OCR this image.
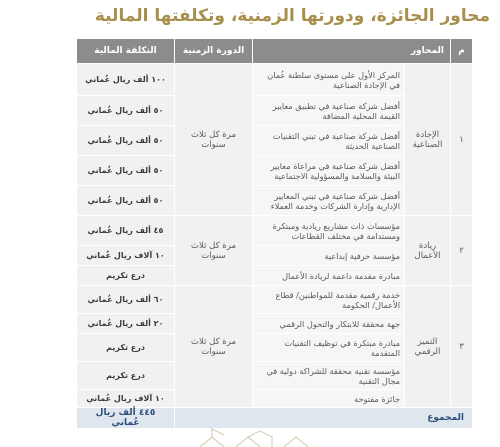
محاور الجائزة، ودورتها الزمنية، وتكلفتها المالية
م	المحاور		الدورة الزمنية	التكلفة المالية
١	الإجادة الصناعية	المركز الأول على مستوى سلطنة عُمان في الإجادة الصناعية	مرة كل ثلاث سنوات	١٠٠ ألف ريال عُماني
		أفضل شركة صناعية في تطبيق معايير القيمة المحلية المضافة		٥٠ ألف ريال عُماني
		أفضل شركة صناعية في تبني التقنيات الصناعية الحديثة		٥٠ ألف ريال عُماني
		أفضل شركة صناعية في مراعاة معايير البيئة والسلامة والمسؤولية الاجتماعية		٥٠ ألف ريال عُماني
		أفضل شركة صناعية في تبني المعايير الإدارية وإدارة الشركات وخدمة العملاء		٥٠ ألف ريال عُماني
٢	ريادة الأعمال	مؤسسات ذات مشاريع ريادية ومبتكرة ومستدامة في مختلف القطاعات	مرة كل ثلاث سنوات	٤٥ ألف ريال عُماني
		مؤسسة حرفية إبداعية		١٠ آلاف ريال عُماني
		مبادرة مقدمة داعمة لريادة الأعمال		درع تكريم
٣	التميز الرقمي	خدمة رقمية مقدمة للمواطنين/ قطاع الأعمال/ الحكومة	مرة كل ثلاث سنوات	٦٠ ألف ريال عُماني
		جهة محققة للابتكار والتحول الرقمي		٢٠ ألف ريال عُماني
		مبادرة مبتكرة في توظيف التقنيات المتقدمة		درع تكريم
		مؤسسة تقنية محققة للشراكة دولية في مجال التقنية		درع تكريم
		جائزة مفتوحة		١٠ آلاف ريال عُماني
المجموع				٤٤٥ ألف ريال عُماني
